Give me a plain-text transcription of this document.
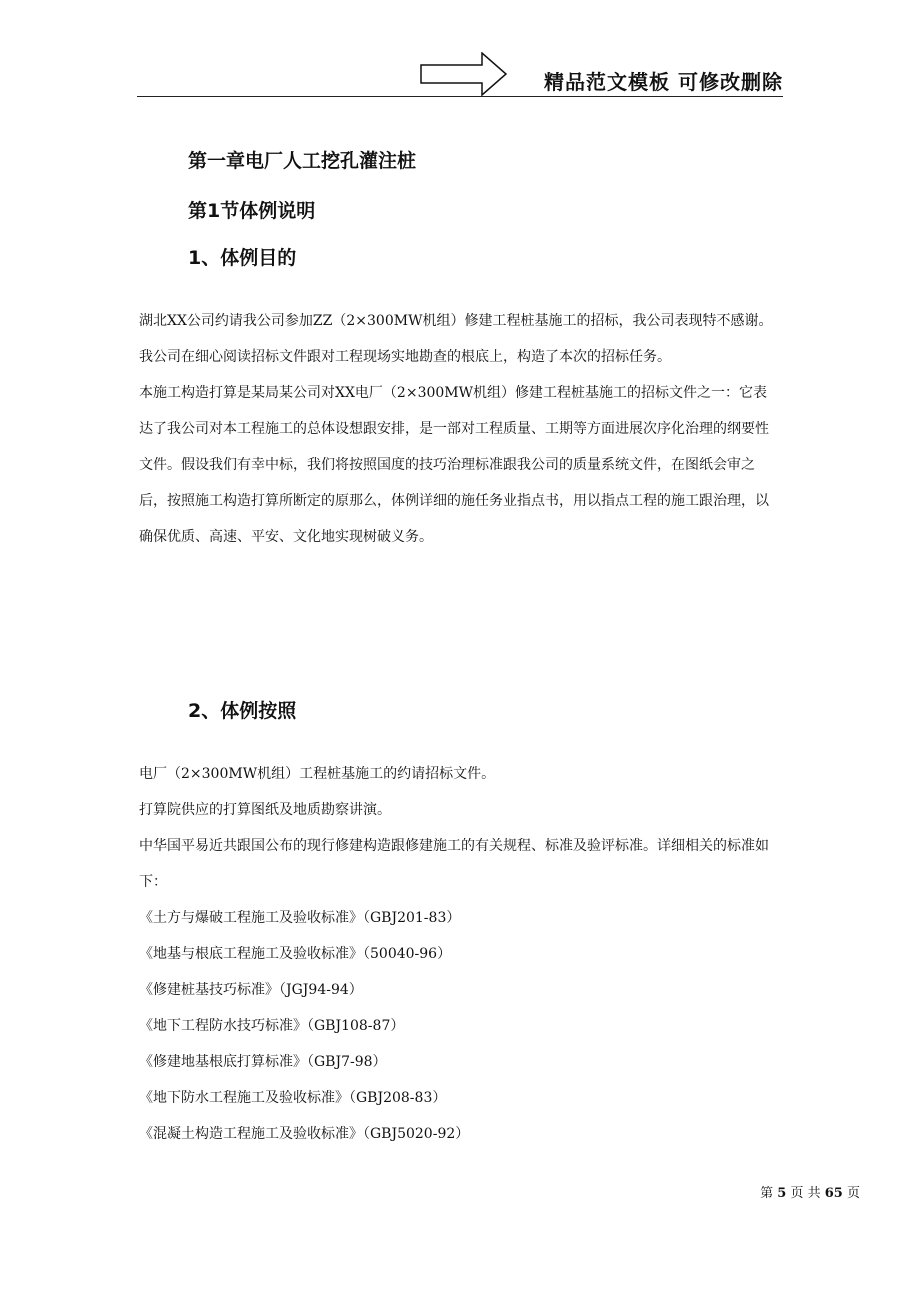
精品范文模板 可修改删除
第一章电厂人工挖孔灌注桩
第1节体例说明
1、体例目的

湖北XX公司约请我公司参加ZZ（2×300MW机组）修建工程桩基施工的招标，我公司表现特不感谢。我公司在细心阅读招标文件跟对工程现场实地勘查的根底上，构造了本次的招标任务。

本施工构造打算是某局某公司对XX电厂（2×300MW机组）修建工程桩基施工的招标文件之一：它表达了我公司对本工程施工的总体设想跟安排，是一部对工程质量、工期等方面进展次序化治理的纲要性文件。假设我们有幸中标，我们将按照国度的技巧治理标准跟我公司的质量系统文件，在图纸会审之后，按照施工构造打算所断定的原那么，体例详细的施任务业指点书，用以指点工程的施工跟治理，以确保优质、高速、平安、文化地实现树破义务。

2、体例按照

电厂（2×300MW机组）工程桩基施工的约请招标文件。

打算院供应的打算图纸及地质勘察讲演。

中华国平易近共跟国公布的现行修建构造跟修建施工的有关规程、标准及验评标准。详细相关的标准如下：

《土方与爆破工程施工及验收标准》（GBJ201-83）

《地基与根底工程施工及验收标准》（50040-96）

《修建桩基技巧标准》（JGJ94-94）

《地下工程防水技巧标准》（GBJ108-87）

《修建地基根底打算标准》（GBJ7-98）

《地下防水工程施工及验收标准》（GBJ208-83）

《混凝土构造工程施工及验收标准》（GBJ5020-92）

第 5 页 共 65 页
